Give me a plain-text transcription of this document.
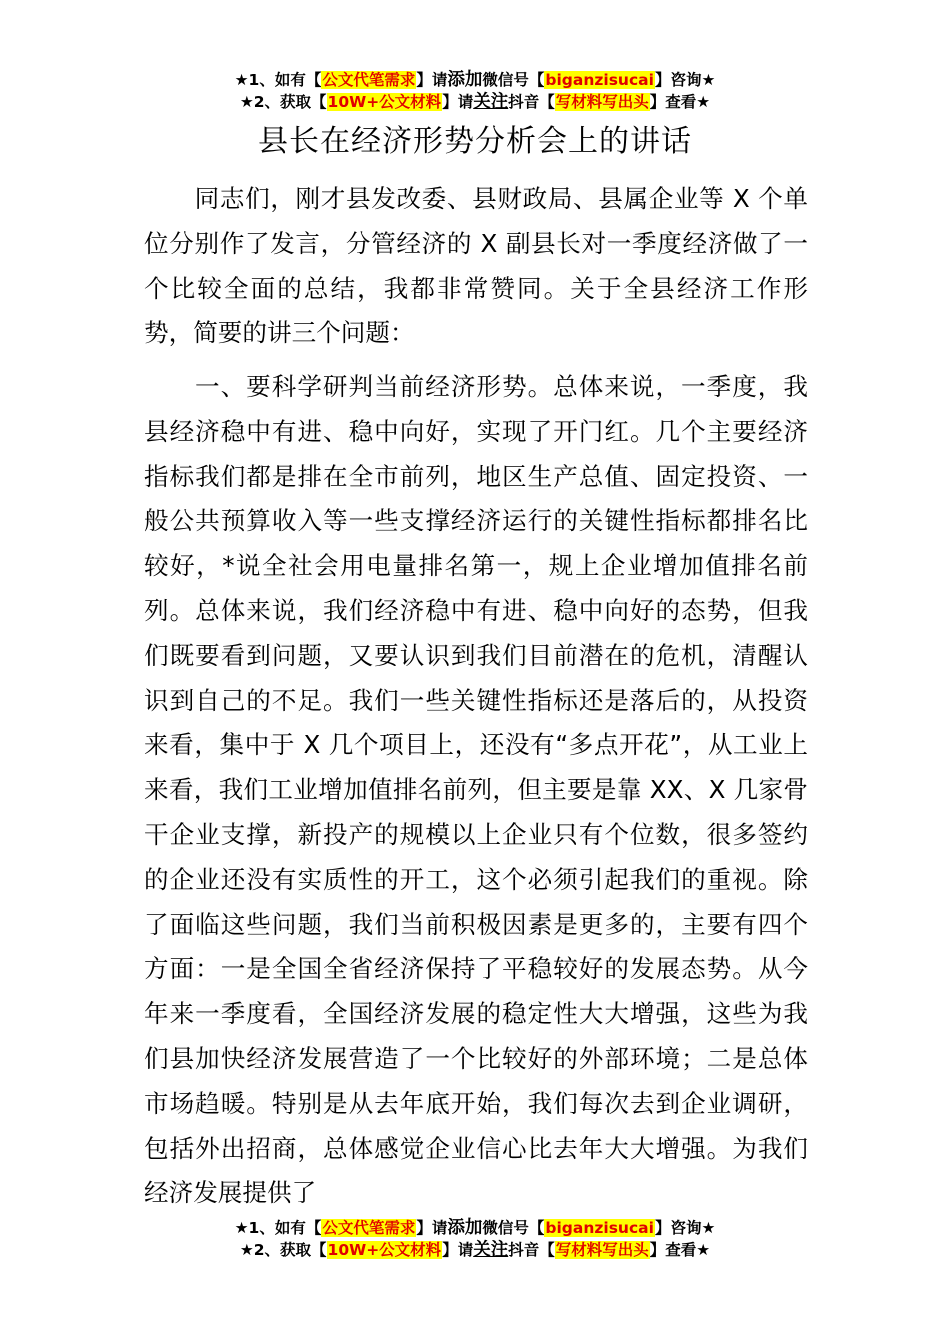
★1、如有【公文代笔需求】请添加微信号【biganzisucai】咨询★
★2、获取【10W+公文材料】请关注抖音【写材料写出头】查看★
县长在经济形势分析会上的讲话

同志们，刚才县发改委、县财政局、县属企业等 X 个单位分别作了发言，分管经济的 X 副县长对一季度经济做了一个比较全面的总结，我都非常赞同。关于全县经济工作形势，简要的讲三个问题：

一、要科学研判当前经济形势。总体来说，一季度，我县经济稳中有进、稳中向好，实现了开门红。几个主要经济指标我们都是排在全市前列，地区生产总值、固定投资、一般公共预算收入等一些支撑经济运行的关键性指标都排名比较好，*说全社会用电量排名第一，规上企业增加值排名前列。总体来说，我们经济稳中有进、稳中向好的态势，但我们既要看到问题，又要认识到我们目前潜在的危机，清醒认识到自己的不足。我们一些关键性指标还是落后的，从投资来看，集中于 X 几个项目上，还没有“多点开花”，从工业上来看，我们工业增加值排名前列，但主要是靠 XX、X 几家骨干企业支撑，新投产的规模以上企业只有个位数，很多签约的企业还没有实质性的开工，这个必须引起我们的重视。除了面临这些问题，我们当前积极因素是更多的，主要有四个方面：一是全国全省经济保持了平稳较好的发展态势。从今年来一季度看，全国经济发展的稳定性大大增强，这些为我们县加快经济发展营造了一个比较好的外部环境；二是总体市场趋暖。特别是从去年底开始，我们每次去到企业调研，包括外出招商，总体感觉企业信心比去年大大增强。为我们经济发展提供了

★1、如有【公文代笔需求】请添加微信号【biganzisucai】咨询★
★2、获取【10W+公文材料】请关注抖音【写材料写出头】查看★
